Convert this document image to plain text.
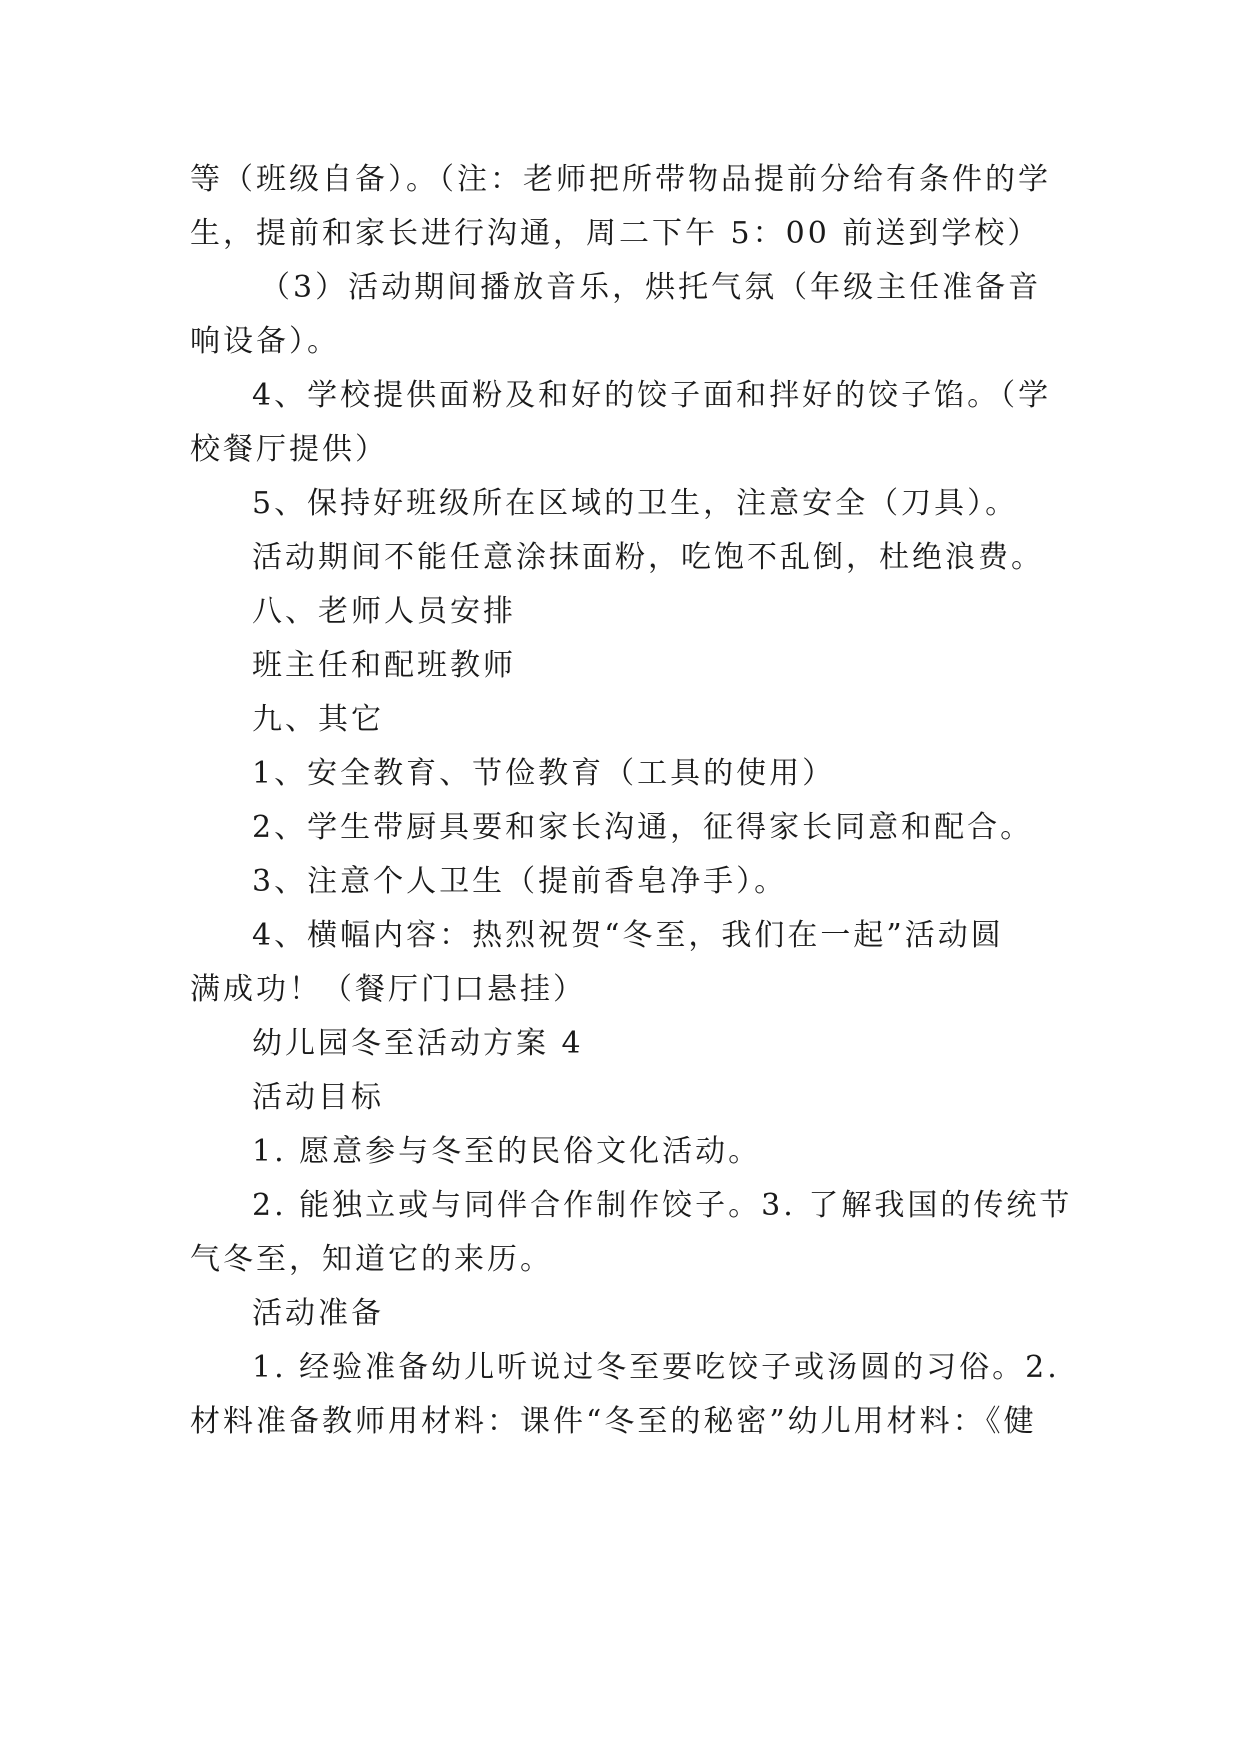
等（班级自备）。（注：老师把所带物品提前分给有条件的学
生，提前和家长进行沟通，周二下午 5：00 前送到学校）
（3）活动期间播放音乐，烘托气氛（年级主任准备音
响设备）。
4、学校提供面粉及和好的饺子面和拌好的饺子馅。（学
校餐厅提供）
5、保持好班级所在区域的卫生，注意安全（刀具）。
活动期间不能任意涂抹面粉，吃饱不乱倒，杜绝浪费。
八、老师人员安排
班主任和配班教师
九、其它
1、安全教育、节俭教育（工具的使用）
2、学生带厨具要和家长沟通，征得家长同意和配合。
3、注意个人卫生（提前香皂净手）。
4、横幅内容：热烈祝贺“冬至，我们在一起”活动圆
满成功！（餐厅门口悬挂）
幼儿园冬至活动方案 4
活动目标
1. 愿意参与冬至的民俗文化活动。
2. 能独立或与同伴合作制作饺子。3. 了解我国的传统节
气冬至，知道它的来历。
活动准备
1. 经验准备幼儿听说过冬至要吃饺子或汤圆的习俗。2.
材料准备教师用材料：课件“冬至的秘密”幼儿用材料：《健
